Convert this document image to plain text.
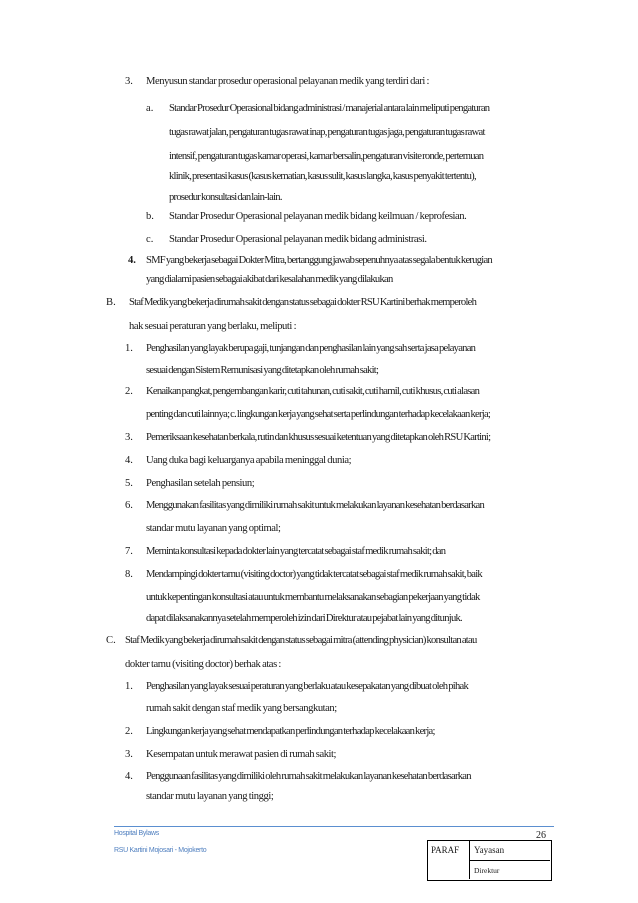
3. Menyusun standar prosedur operasional pelayanan medik yang terdiri dari :
a. Standar Prosedur Operasional bidang administrasi / manajerial antara lain meliputi pengaturan
tugas rawat jalan, pengaturan tugas rawat inap, pengaturan tugas jaga, pengaturan tugas rawat
intensif, pengaturan tugas kamar operasi, kamar bersalin,pengaturan visite ronde, pertemuan
klinik, presentasi kasus (kasus kematian, kasus sulit, kasus langka, kasus penyakit tertentu),
prosedur konsultasi dan lain-lain.
b. Standar Prosedur Operasional pelayanan medik bidang keilmuan / keprofesian.
c. Standar Prosedur Operasional pelayanan medik bidang administrasi.
4. SMF yang bekerja sebagai Dokter Mitra, bertanggung jawab sepenuhnya atas segala bentuk kerugian
yang dialami pasien sebagai akibat dari kesalahan medik yang dilakukan
B. Staf Medik yang bekerja dirumah sakit dengan status sebagai dokter RSU Kartini berhak memperoleh
hak sesuai peraturan yang berlaku, meliputi :
1. Penghasilan yang layak berupa gaji, tunjangan dan penghasilan lain yang sah serta jasa pelayanan
sesuai dengan Sistem Remunisasi yang ditetapkan oleh rumah sakit;
2. Kenaikan pangkat, pengembangan karir, cuti tahunan, cuti sakit, cuti hamil, cuti khusus, cuti alasan
penting dan cuti lainnya; c. lingkungan kerja yang sehat serta perlindungan terhadap kecelakaan kerja;
3. Pemeriksaan kesehatan berkala, rutin dan khusus sesuai ketentuan yang ditetapkan oleh RSU Kartini;
4. Uang duka bagi keluarganya apabila meninggal dunia;
5. Penghasilan setelah pensiun;
6. Menggunakan fasilitas yang dimiliki rumah sakit untuk melakukan layanan kesehatan berdasarkan
standar mutu layanan yang optimal;
7. Meminta konsultasi kepada dokter lain yang tercatat sebagai staf medik rumah sakit; dan
8. Mendampingi dokter tamu (visiting doctor) yang tidak tercatat sebagai staf medik rumah sakit, baik
untuk kepentingan konsultasi atau untuk membantu melaksanakan sebagian pekerjaan yang tidak
dapat dilaksanakannya setelah memperoleh izin dari Direktur atau pejabat lain yang ditunjuk.
C. Staf Medik yang bekerja dirumah sakit dengan status sebagai mitra (attending physician) konsultan atau
dokter tamu (visiting doctor) berhak atas :
1. Penghasilan yang layak sesuai peraturan yang berlaku atau kesepakatan yang dibuat oleh pihak
rumah sakit dengan staf medik yang bersangkutan;
2. Lingkungan kerja yang sehat mendapatkan perlindungan terhadap kecelakaan kerja;
3. Kesempatan untuk merawat pasien di rumah sakit;
4. Penggunaan fasilitas yang dimiliki oleh rumah sakit melakukan layanan kesehatan berdasarkan
standar mutu layanan yang tinggi;
26
Hospital Bylaws
RSU Kartini Mojosari - Mojokerto	PARAF Yayasan
Direktur
